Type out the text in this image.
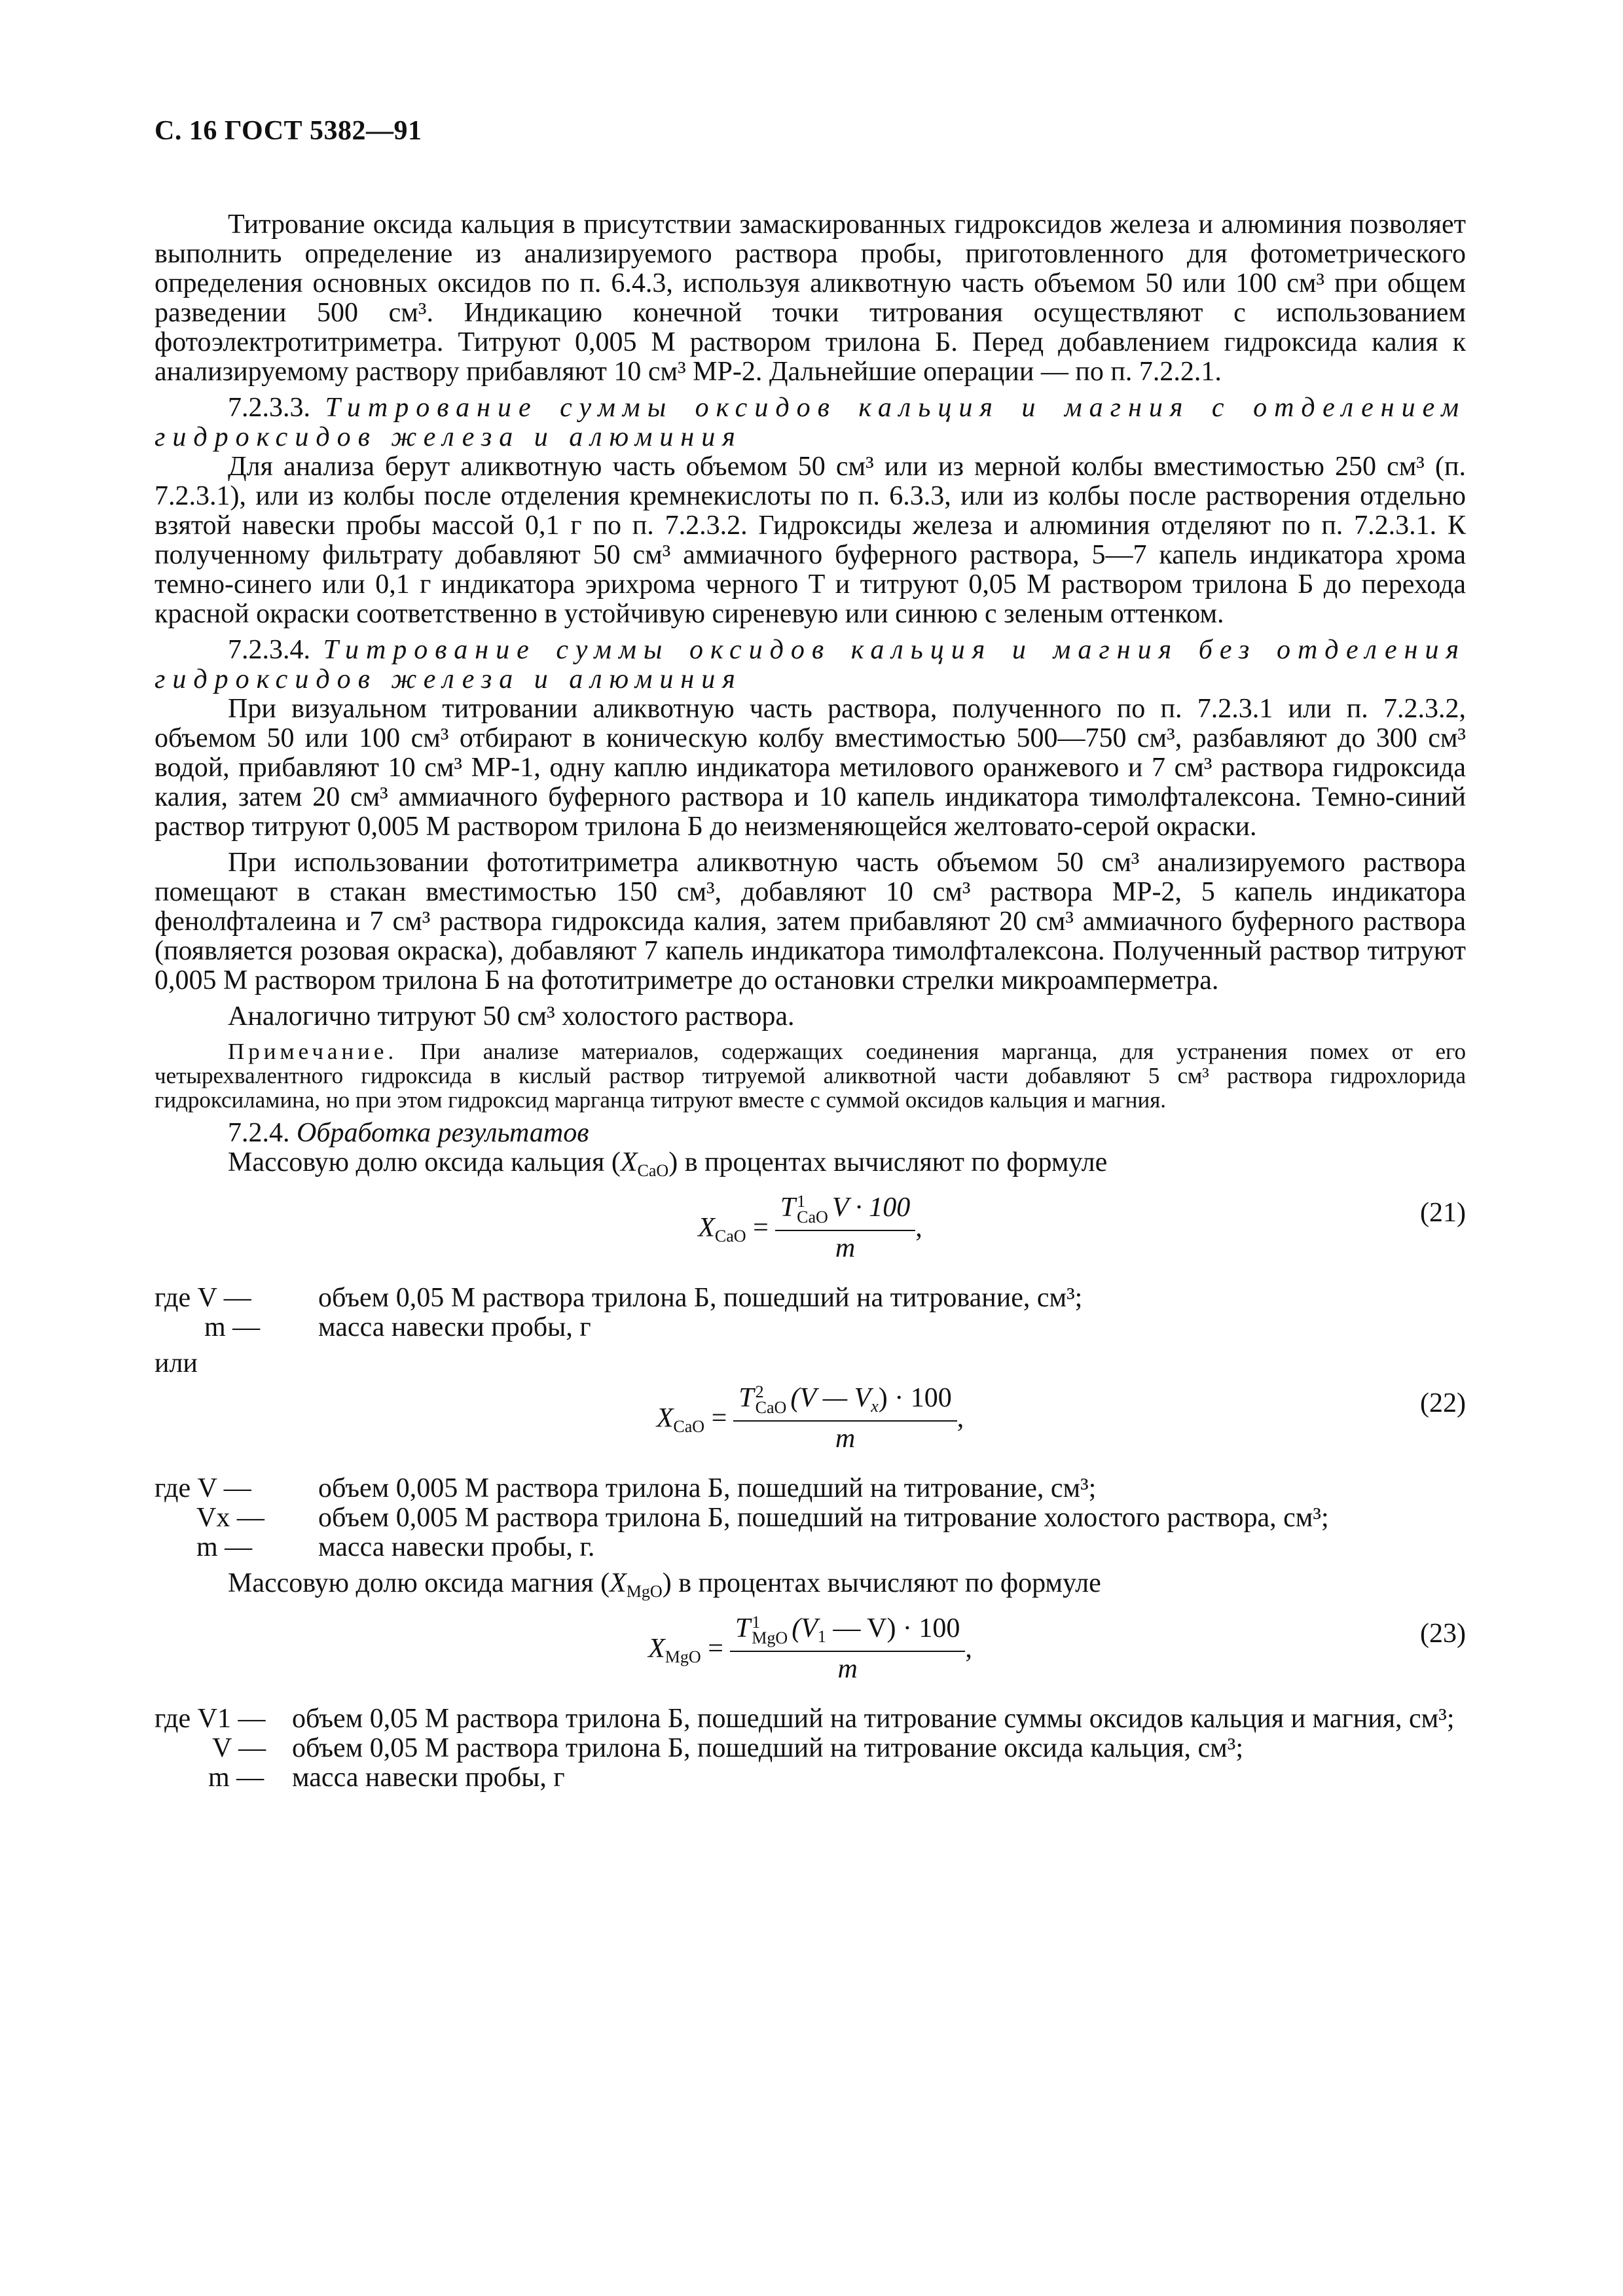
С. 16 ГОСТ 5382—91

Титрование оксида кальция в присутствии замаскированных гидроксидов железа и алюминия позволяет выполнить определение из анализируемого раствора пробы, приготовленного для фотометрического определения основных оксидов по п. 6.4.3, используя аликвотную часть объемом 50 или 100 см³ при общем разведении 500 см³. Индикацию конечной точки титрования осуществляют с использованием фотоэлектротитриметра. Титруют 0,005 М раствором трилона Б. Перед добавлением гидроксида калия к анализируемому раствору прибавляют 10 см³ МР-2. Дальнейшие операции — по п. 7.2.2.1.

7.2.3.3. Титрование суммы оксидов кальция и магния с отделением гидроксидов железа и алюминия

Для анализа берут аликвотную часть объемом 50 см³ или из мерной колбы вместимостью 250 см³ (п. 7.2.3.1), или из колбы после отделения кремнекислоты по п. 6.3.3, или из колбы после растворения отдельно взятой навески пробы массой 0,1 г по п. 7.2.3.2. Гидроксиды железа и алюминия отделяют по п. 7.2.3.1. К полученному фильтрату добавляют 50 см³ аммиачного буферного раствора, 5—7 капель индикатора хрома темно-синего или 0,1 г индикатора эрихрома черного Т и титруют 0,05 М раствором трилона Б до перехода красной окраски соответственно в устойчивую сиреневую или синюю с зеленым оттенком.

7.2.3.4. Титрование суммы оксидов кальция и магния без отделения гидроксидов железа и алюминия

При визуальном титровании аликвотную часть раствора, полученного по п. 7.2.3.1 или п. 7.2.3.2, объемом 50 или 100 см³ отбирают в коническую колбу вместимостью 500—750 см³, разбавляют до 300 см³ водой, прибавляют 10 см³ МР-1, одну каплю индикатора метилового оранжевого и 7 см³ раствора гидроксида калия, затем 20 см³ аммиачного буферного раствора и 10 капель индикатора тимолфталексона. Темно-синий раствор титруют 0,005 М раствором трилона Б до неизменяющейся желтовато-серой окраски.

При использовании фототитриметра аликвотную часть объемом 50 см³ анализируемого раствора помещают в стакан вместимостью 150 см³, добавляют 10 см³ раствора МР-2, 5 капель индикатора фенолфталеина и 7 см³ раствора гидроксида калия, затем прибавляют 20 см³ аммиачного буферного раствора (появляется розовая окраска), добавляют 7 капель индикатора тимолфталексона. Полученный раствор титруют 0,005 М раствором трилона Б на фототитриметре до остановки стрелки микроамперметра.

Аналогично титруют 50 см³ холостого раствора.

Примечание. При анализе материалов, содержащих соединения марганца, для устранения помех от его четырехвалентного гидроксида в кислый раствор титруемой аликвотной части добавляют 5 см³ раствора гидрохлорида гидроксиламина, но при этом гидроксид марганца титруют вместе с суммой оксидов кальция и магния.

7.2.4. Обработка результатов

Массовую долю оксида кальция $(X_{CaO})$ в процентах вычисляют по формуле

$X_{CaO} = T$ 1
CaO V · 100
m ,
(21)
где V —	объем 0,05 М раствора трилона Б, пошедший на титрование, см³;
m —	масса навески пробы, г

или

$X_{CaO} = T$ 2
CaO (V — $V_x) \cdot 100$
m ,
(22)
где V —	объем 0,005 М раствора трилона Б, пошедший на титрование, см³;
Vx —	объем 0,005 М раствора трилона Б, пошедший на титрование холостого раствора, см³;
m —	масса навески пробы, г.

Массовую долю оксида магния $(X_{MgO})$ в процентах вычисляют по формуле

$X_{MgO} = T$ 1
MgO ($V_1$ — V) · 100
m ,
(23)
где V1 — объем 0,05 М раствора трилона Б, пошедший на титрование суммы оксидов кальция и магния, см³;
V — объем 0,05 М раствора трилона Б, пошедший на титрование оксида кальция, см³;
m —	масса навески пробы, г
